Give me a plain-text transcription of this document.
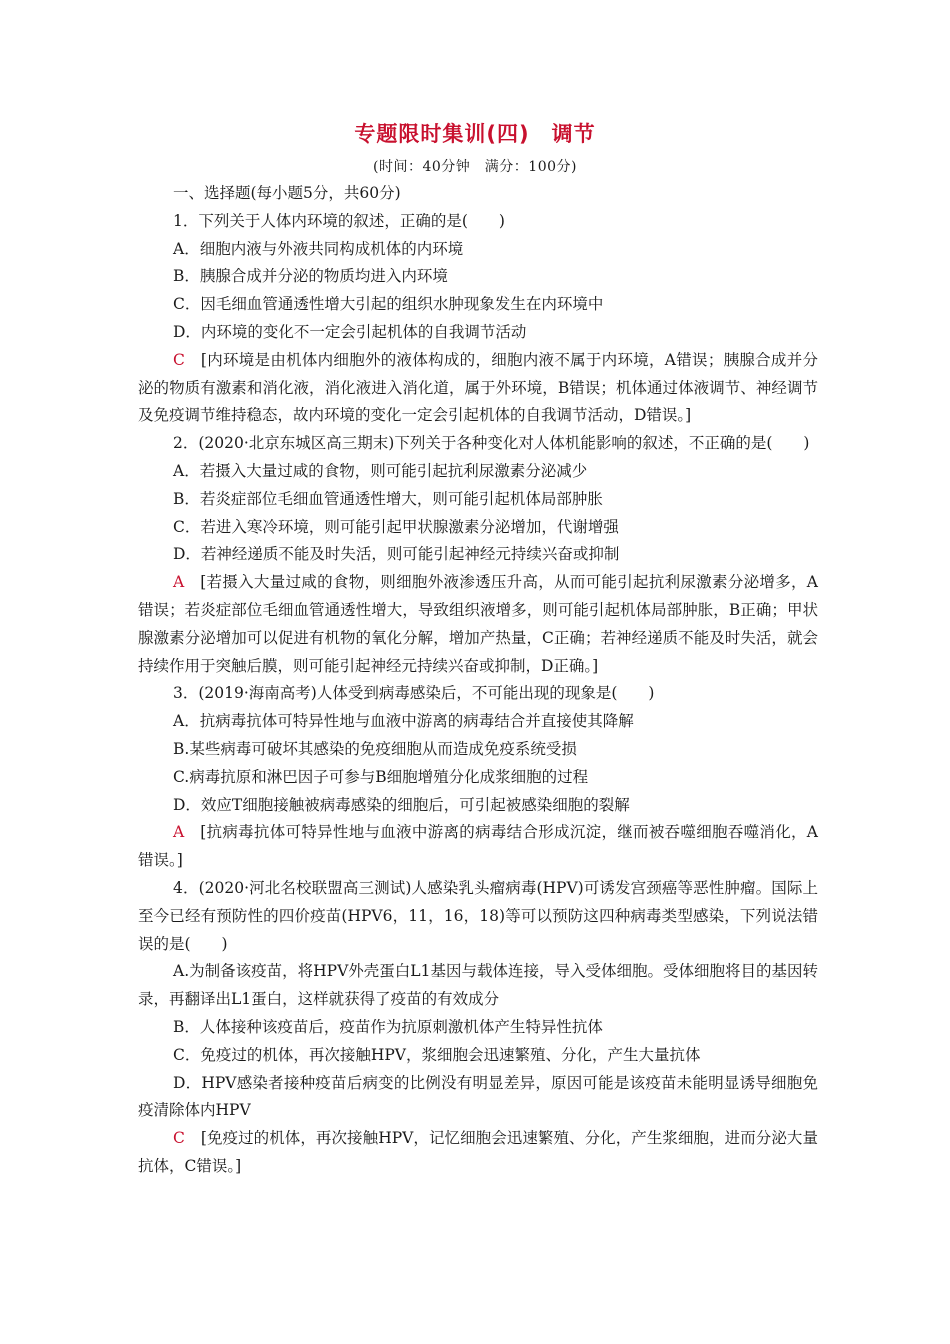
专题限时集训(四)　调节
(时间：40分钟　满分：100分)

一、选择题(每小题5分，共60分)

1．下列关于人体内环境的叙述，正确的是(　　)

A．细胞内液与外液共同构成机体的内环境

B．胰腺合成并分泌的物质均进入内环境

C．因毛细血管通透性增大引起的组织水肿现象发生在内环境中

D．内环境的变化不一定会引起机体的自我调节活动

C [内环境是由机体内细胞外的液体构成的，细胞内液不属于内环境，A错误；胰腺合成并分泌的物质有激素和消化液，消化液进入消化道，属于外环境，B错误；机体通过体液调节、神经调节及免疫调节维持稳态，故内环境的变化一定会引起机体的自我调节活动，D错误。]

2．(2020·北京东城区高三期末)下列关于各种变化对人体机能影响的叙述，不正确的是(　　)

A．若摄入大量过咸的食物，则可能引起抗利尿激素分泌减少

B．若炎症部位毛细血管通透性增大，则可能引起机体局部肿胀

C．若进入寒冷环境，则可能引起甲状腺激素分泌增加，代谢增强

D．若神经递质不能及时失活，则可能引起神经元持续兴奋或抑制

A [若摄入大量过咸的食物，则细胞外液渗透压升高，从而可能引起抗利尿激素分泌增多，A错误；若炎症部位毛细血管通透性增大，导致组织液增多，则可能引起机体局部肿胀，B正确；甲状腺激素分泌增加可以促进有机物的氧化分解，增加产热量，C正确；若神经递质不能及时失活，就会持续作用于突触后膜，则可能引起神经元持续兴奋或抑制，D正确。]

3．(2019·海南高考)人体受到病毒感染后，不可能出现的现象是(　　)

A．抗病毒抗体可特异性地与血液中游离的病毒结合并直接使其降解

B.某些病毒可破坏其感染的免疫细胞从而造成免疫系统受损

C.病毒抗原和淋巴因子可参与B细胞增殖分化成浆细胞的过程

D．效应T细胞接触被病毒感染的细胞后，可引起被感染细胞的裂解

A [抗病毒抗体可特异性地与血液中游离的病毒结合形成沉淀，继而被吞噬细胞吞噬消化，A错误。]

4．(2020·河北名校联盟高三测试)人感染乳头瘤病毒(HPV)可诱发宫颈癌等恶性肿瘤。国际上至今已经有预防性的四价疫苗(HPV6，11，16，18)等可以预防这四种病毒类型感染，下列说法错误的是(　　)

A.为制备该疫苗，将HPV外壳蛋白L1基因与载体连接，导入受体细胞。受体细胞将目的基因转录，再翻译出L1蛋白，这样就获得了疫苗的有效成分

B．人体接种该疫苗后，疫苗作为抗原刺激机体产生特异性抗体

C．免疫过的机体，再次接触HPV，浆细胞会迅速繁殖、分化，产生大量抗体

D．HPV感染者接种疫苗后病变的比例没有明显差异，原因可能是该疫苗未能明显诱导细胞免疫清除体内HPV

C [免疫过的机体，再次接触HPV，记忆细胞会迅速繁殖、分化，产生浆细胞，进而分泌大量抗体，C错误。]
